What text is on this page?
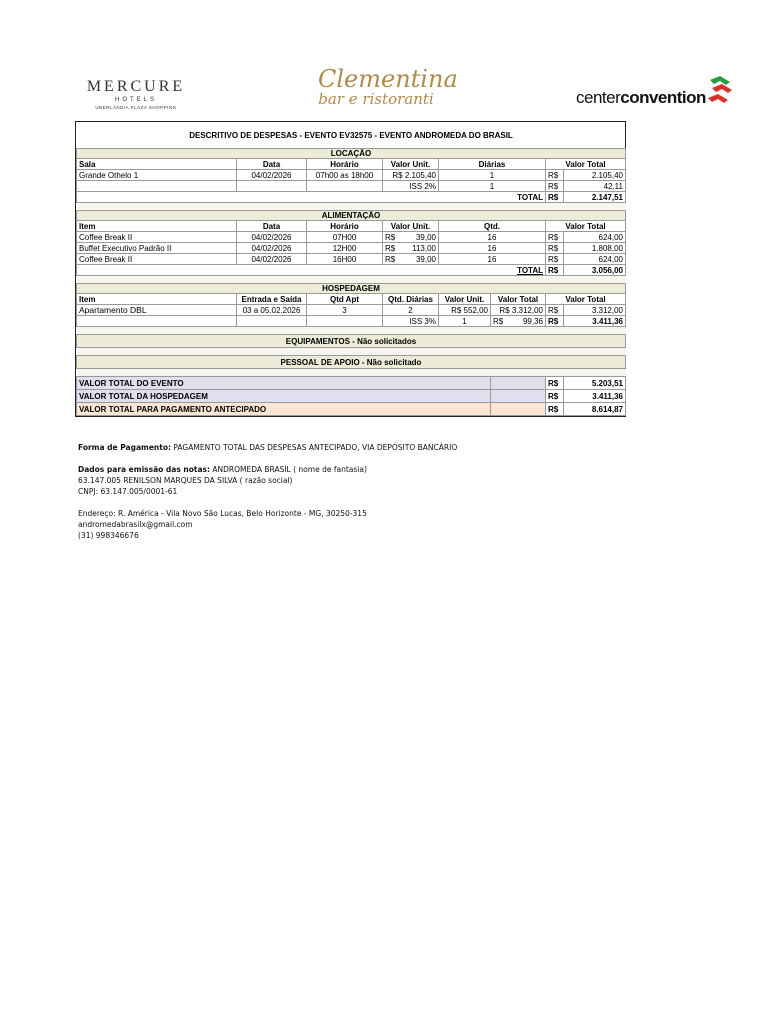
MERCURE
HOTELS
UBERLÂNDIA PLAZA SHOPPING
Clementina
bar e ristoranti	centerconvention
DESCRITIVO DE DESPESAS - EVENTO EV32575 - EVENTO ANDROMEDA DO BRASIL							
LOCAÇÃO							
Sala	Data	Horário	Valor Unit.	Diárias		Valor Total	
Grande Othelo 1	04/02/2026	07h00 as 18h00	R$ 2.105,40	1		R$	2.105,40
			ISS 2%	1		R$	42,11
TOTAL						R$	2.147,51

ALIMENTAÇÃO							
Item	Data	Horário	Valor Unit.	Qtd.		Valor Total	
Coffee Break II	04/02/2026	07H00	R$ 39,00	16		R$	624,00
Buffet Executivo Padrão II	04/02/2026	12H00	R$ 113,00	16		R$	1.808,00
Coffee Break II	04/02/2026	16H00	R$ 39,00	16		R$	624,00
TOTAL						R$	3.056,00

HOSPEDAGEM							
Item	Entrada e Saída	Qtd Apt	Qtd. Diárias	Valor Unit.	Valor Total	Valor Total	
Apartamento DBL	03 a 05.02.2026	3	2	R$ 552,00	R$ 3.312,00	R$	3.312,00
			ISS 3%	1	R$ 99,36	R$	3.411,36

EQUIPAMENTOS - Não solicitados							

PESSOAL DE APOIO - Não solicitado							

VALOR TOTAL DO EVENTO						R$	5.203,51
VALOR TOTAL DA HOSPEDAGEM						R$	3.411,36
VALOR TOTAL PARA PAGAMENTO ANTECIPADO						R$	8.614,87
Forma de Pagamento: PAGAMENTO TOTAL DAS DESPESAS ANTECIPADO, VIA DEPÓSITO BANCÁRIO
Dados para emissão das notas: ANDROMEDA BRASIL ( nome de fantasia)
63.147.005 RENILSON MARQUES DA SILVA ( razão social)
CNPJ: 63.147.005/0001-61
Endereço: R. América - Vila Novo São Lucas, Belo Horizonte - MG, 30250-315
andromedabrasilx@gmail.com
(31) 998346676
